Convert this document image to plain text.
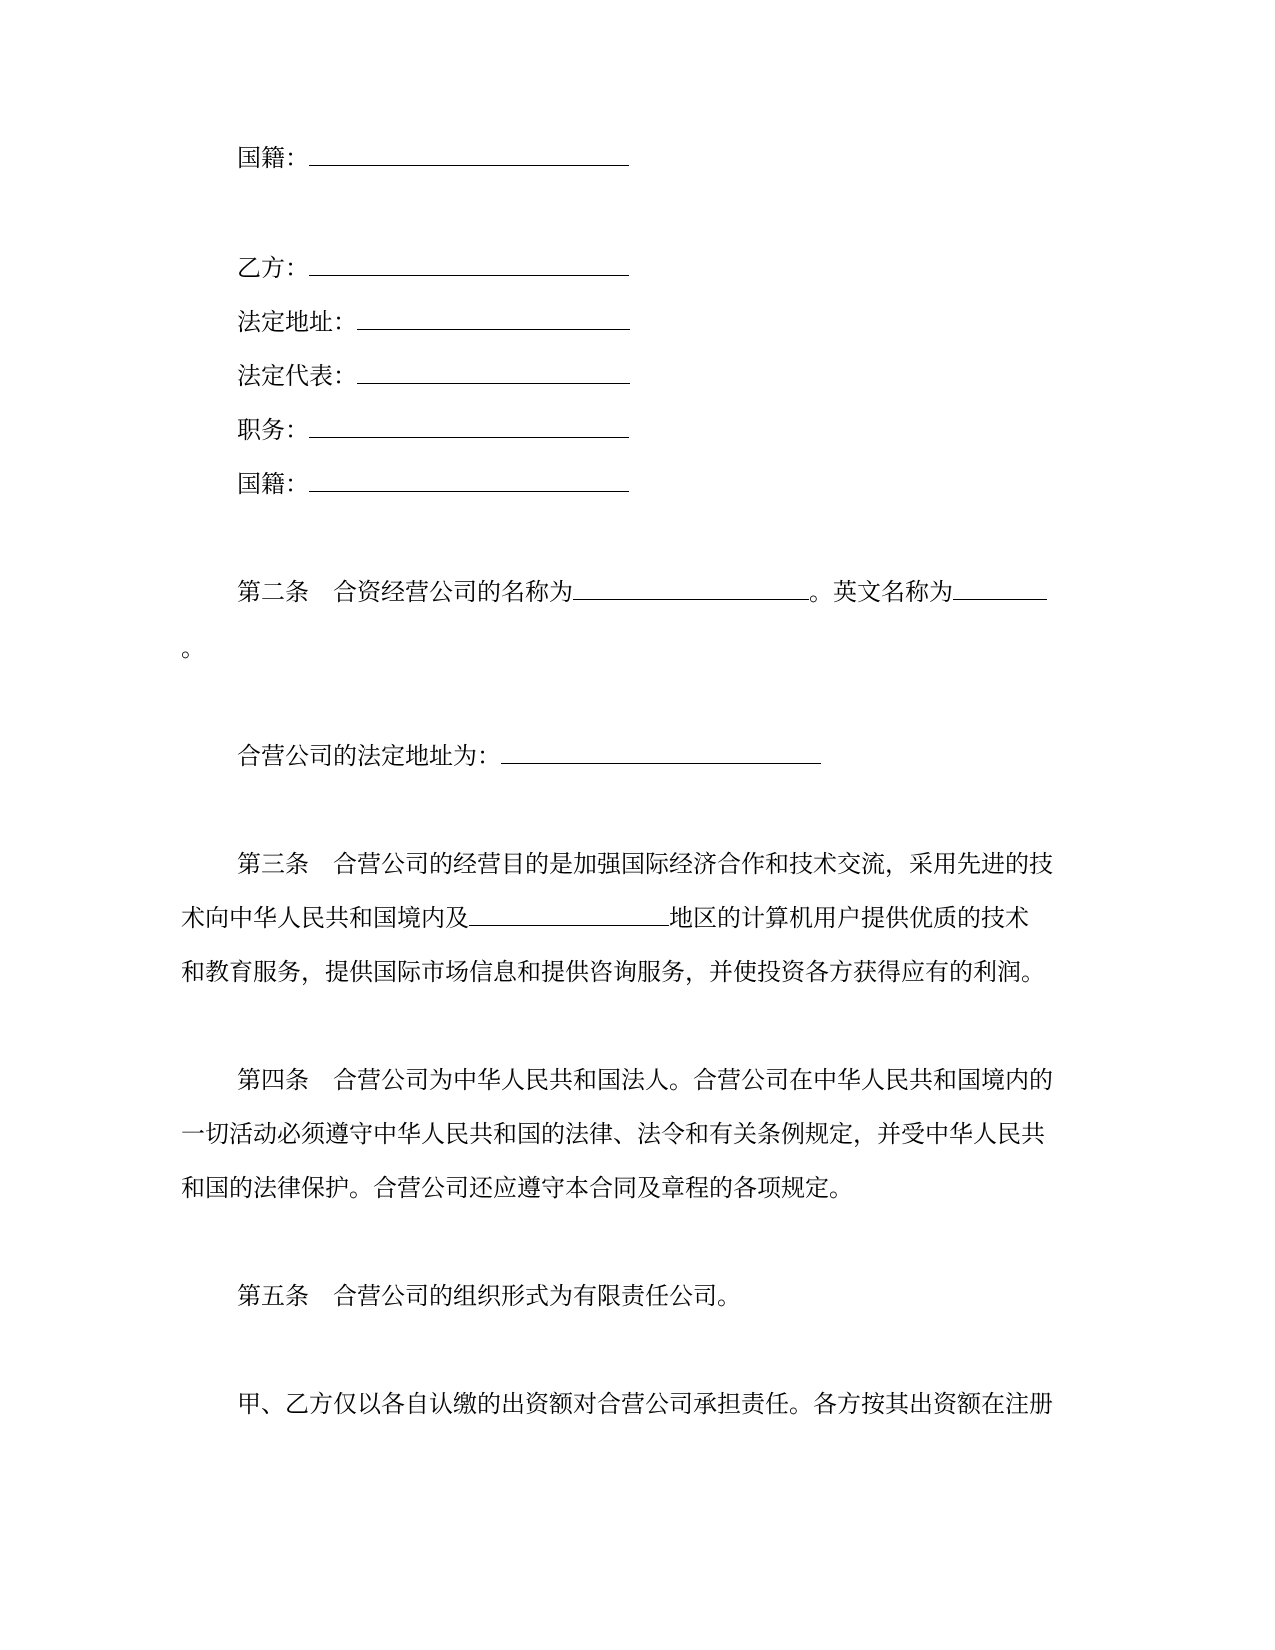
国籍：
乙方：
法定地址：
法定代表：
职务：
国籍：
第二条 合资经营公司的名称为	。英文名称为
。
合营公司的法定地址为：
第三条 合营公司的经营目的是加强国际经济合作和技术交流，采用先进的技
术向中华人民共和国境内及	地区的计算机用户提供优质的技术
和教育服务，提供国际市场信息和提供咨询服务，并使投资各方获得应有的利润。
第四条 合营公司为中华人民共和国法人。合营公司在中华人民共和国境内的
一切活动必须遵守中华人民共和国的法律、法令和有关条例规定，并受中华人民共
和国的法律保护。合营公司还应遵守本合同及章程的各项规定。
第五条 合营公司的组织形式为有限责任公司。
甲、乙方仅以各自认缴的出资额对合营公司承担责任。各方按其出资额在注册
